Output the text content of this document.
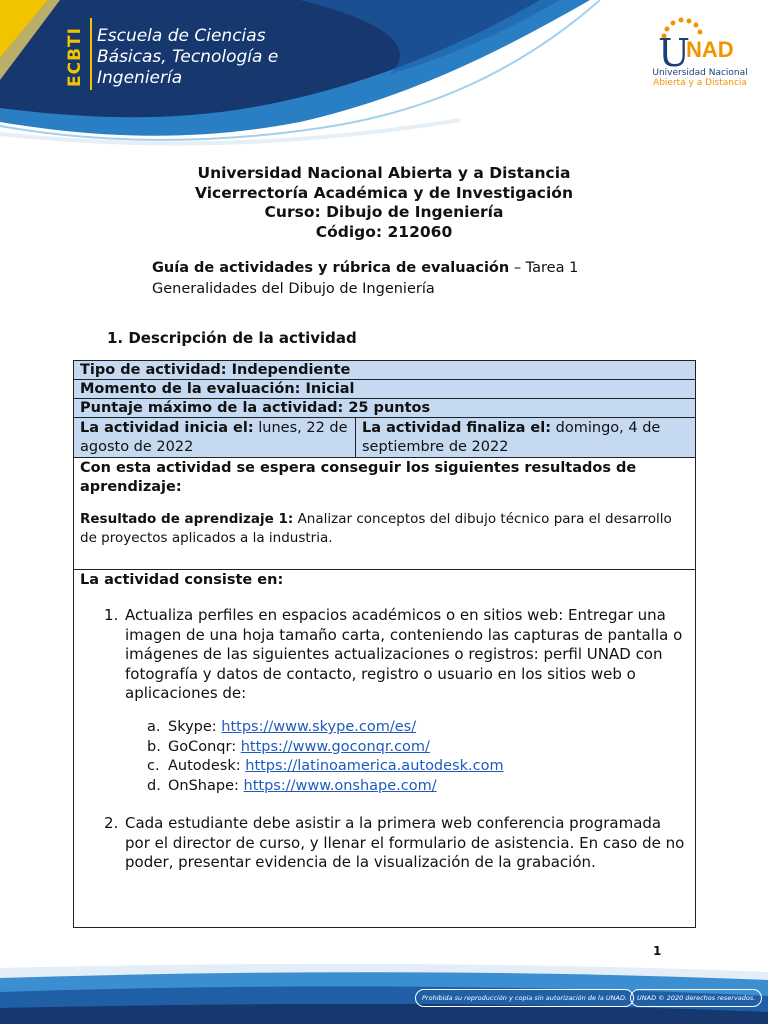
ECBTI Escuela de Ciencias
Básicas, Tecnología e
Ingeniería
U
NAD
Universidad Nacional
Abierta y a Distancia
Universidad Nacional Abierta y a Distancia
Vicerrectoría Académica y de Investigación
Curso: Dibujo de Ingeniería
Código: 212060
Guía de actividades y rúbrica de evaluación – Tarea 1
Generalidades del Dibujo de Ingeniería
1. Descripción de la actividad
Tipo de actividad: Independiente
Momento de la evaluación: Inicial
Puntaje máximo de la actividad: 25 puntos
La actividad inicia el: lunes, 22 de agosto de 2022
La actividad finaliza el: domingo, 4 de septiembre de 2022
Con esta actividad se espera conseguir los siguientes resultados de aprendizaje:
Resultado de aprendizaje 1: Analizar conceptos del dibujo técnico para el desarrollo de proyectos aplicados a la industria.
La actividad consiste en:
1. Actualiza perfiles en espacios académicos o en sitios web: Entregar una imagen de una hoja tamaño carta, conteniendo las capturas de pantalla o imágenes de las siguientes actualizaciones o registros: perfil UNAD con fotografía y datos de contacto, registro o usuario en los sitios web o aplicaciones de:
a. Skype: https://www.skype.com/es/
b. GoConqr: https://www.goconqr.com/
c. Autodesk: https://latinoamerica.autodesk.com
d. OnShape: https://www.onshape.com/
2. Cada estudiante debe asistir a la primera web conferencia programada por el director de curso, y llenar el formulario de asistencia. En caso de no poder, presentar evidencia de la visualización de la grabación.
1
Prohibida su reproducción y copia sin autorización de la UNAD.	UNAD © 2020 derechos reservados.
